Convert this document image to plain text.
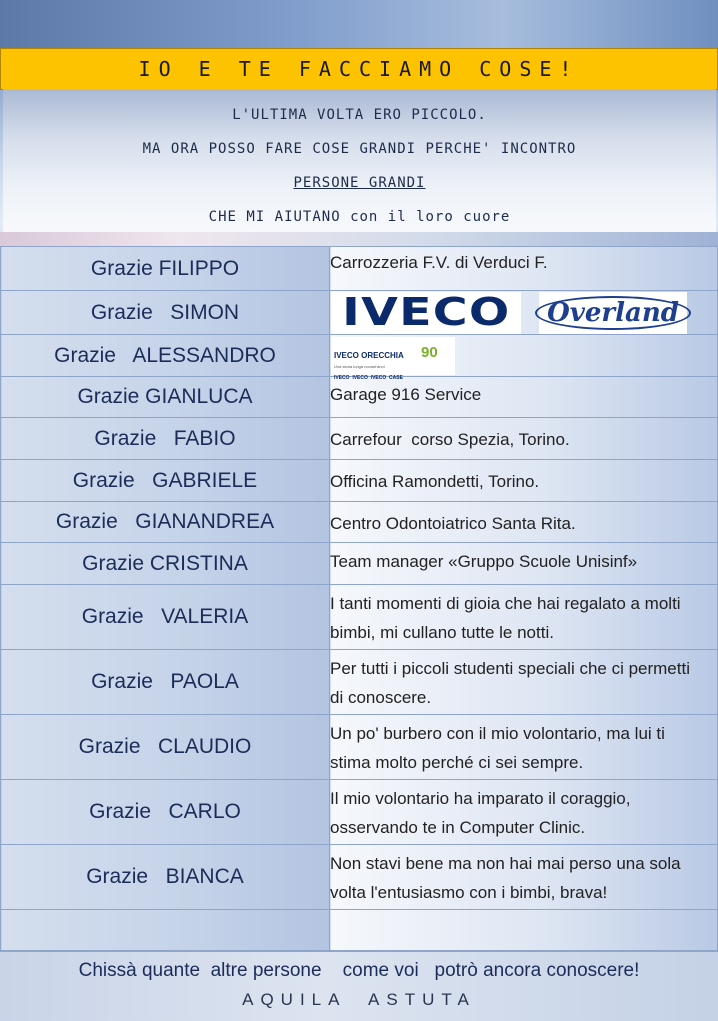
IO E TE FACCIAMO COSE!
L'ULTIMA VOLTA ERO PICCOLO.
MA ORA POSSO FARE COSE GRANDI PERCHE' INCONTRO
PERSONE GRANDI
CHE MI AIUTANO con il loro cuore
Grazie FILIPPO	Carrozzeria F.V. di Verduci F.

Grazie   SIMON	IVECO Overland

Grazie   ALESSANDRO	IVECO ORECCHIA
Una storia lunga novant'anni
90
IVECO  IVECO  IVECO  CASE

Grazie GIANLUCA	Garage 916 Service

Grazie   FABIO	Carrefour  corso Spezia, Torino.

Grazie   GABRIELE	Officina Ramondetti, Torino.

Grazie   GIANANDREA	Centro Odontoiatrico Santa Rita.

Grazie CRISTINA	Team manager «Gruppo Scuole Unisinf»

Grazie   VALERIA	I tanti momenti di gioia che hai regalato a molti bimbi, mi cullano tutte le notti.

Grazie   PAOLA	Per tutti i piccoli studenti speciali che ci permetti di conoscere.

Grazie   CLAUDIO	Un po' burbero con il mio volontario, ma lui ti stima molto perché ci sei sempre.

Grazie   CARLO	Il mio volontario ha imparato il coraggio, osservando te in Computer Clinic.

Grazie   BIANCA	Non stavi bene ma non hai mai perso una sola volta l'entusiasmo con i bimbi, brava!

Chissà quante  altre persone    come voi   potrò ancora conoscere!
AQUILA  ASTUTA
